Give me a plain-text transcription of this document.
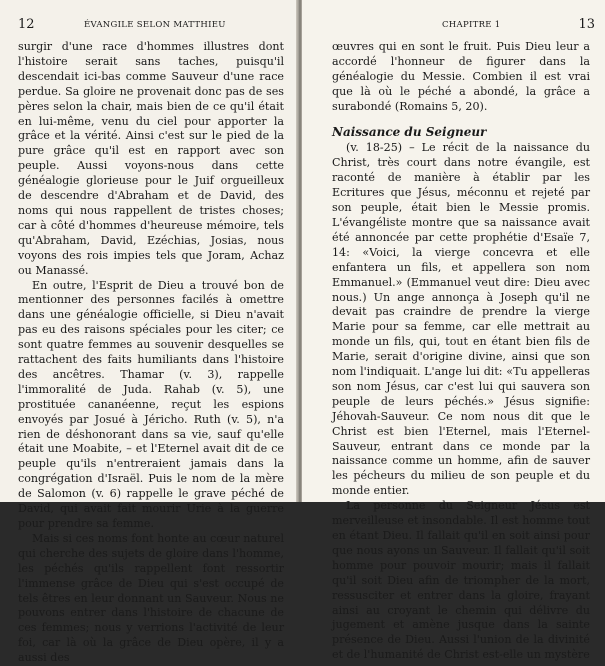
12	ÉVANGILE SELON MATTHIEU

surgir d'une race d'hommes illustres dont l'histoire serait sans taches, puisqu'il descendait ici-bas comme Sauveur d'une race perdue. Sa gloire ne provenait donc pas de ses pères selon la chair, mais bien de ce qu'il était en lui-même, venu du ciel pour apporter la grâce et la vérité. Ainsi c'est sur le pied de la pure grâce qu'il est en rapport avec son peuple. Aussi voyons-nous dans cette généalogie glorieuse pour le Juif orgueilleux de descendre d'Abraham et de David, des noms qui nous rappellent de tristes choses; car à côté d'hommes d'heureuse mémoire, tels qu'Abraham, David, Ezéchias, Josias, nous voyons des rois impies tels que Joram, Achaz ou Manassé.

En outre, l'Esprit de Dieu a trouvé bon de mentionner des personnes facilés à omettre dans une généalogie officielle, si Dieu n'avait pas eu des raisons spéciales pour les citer; ce sont quatre femmes au souvenir desquelles se rattachent des faits humiliants dans l'histoire des ancêtres. Thamar (v. 3), rappelle l'immoralité de Juda. Rahab (v. 5), une prostituée cananéenne, reçut les espions envoyés par Josué à Jéricho. Ruth (v. 5), n'a rien de déshonorant dans sa vie, sauf qu'elle était une Moabite, – et l'Eternel avait dit de ce peuple qu'ils n'entreraient jamais dans la congrégation d'Israël. Puis le nom de la mère de Salomon (v. 6) rappelle le grave péché de David, qui avait fait mourir Urie à la guerre pour prendre sa femme.

Mais si ces noms font honte au cœur naturel qui cherche des sujets de gloire dans l'homme, les péchés qu'ils rappellent font ressortir l'immense grâce de Dieu qui s'est occupé de tels êtres en leur donnant un Sauveur. Nous ne pouvons entrer dans l'histoire de chacune de ces femmes; nous y verrions l'activité de leur foi, car là où la grâce de Dieu opère, il y a aussi des

CHAPITRE 1	13

œuvres qui en sont le fruit. Puis Dieu leur a accordé l'honneur de figurer dans la généalogie du Messie. Combien il est vrai que là où le péché a abondé, la grâce a surabondé (Romains 5, 20).

Naissance du Seigneur

(v. 18-25) – Le récit de la naissance du Christ, très court dans notre évangile, est raconté de manière à établir par les Ecritures que Jésus, méconnu et rejeté par son peuple, était bien le Messie promis. L'évangéliste montre que sa naissance avait été annoncée par cette prophétie d'Esaïe 7, 14: «Voici, la vierge concevra et elle enfantera un fils, et appellera son nom Emmanuel.» (Emmanuel veut dire: Dieu avec nous.) Un ange annonça à Joseph qu'il ne devait pas craindre de prendre la vierge Marie pour sa femme, car elle mettrait au monde un fils, qui, tout en étant bien fils de Marie, serait d'origine divine, ainsi que son nom l'indiquait. L'ange lui dit: «Tu appelleras son nom Jésus, car c'est lui qui sauvera son peuple de leurs péchés.» Jésus signifie: Jéhovah-Sauveur. Ce nom nous dit que le Christ est bien l'Eternel, mais l'Eternel-Sauveur, entrant dans ce monde par la naissance comme un homme, afin de sauver les pécheurs du milieu de son peuple et du monde entier.

La personne du Seigneur Jésus est merveilleuse et insondable. Il est homme tout en étant Dieu. Il fallait qu'il en soit ainsi pour que nous ayons un Sauveur. Il fallait qu'il soit homme pour pouvoir mourir; mais il fallait qu'il soit Dieu afin de triompher de la mort, ressusciter et entrer dans la gloire, frayant ainsi au croyant le chemin qui délivre du jugement et amène jusque dans la sainte présence de Dieu. Aussi l'union de la divinité et de l'humanité de Christ est-elle un mystère
